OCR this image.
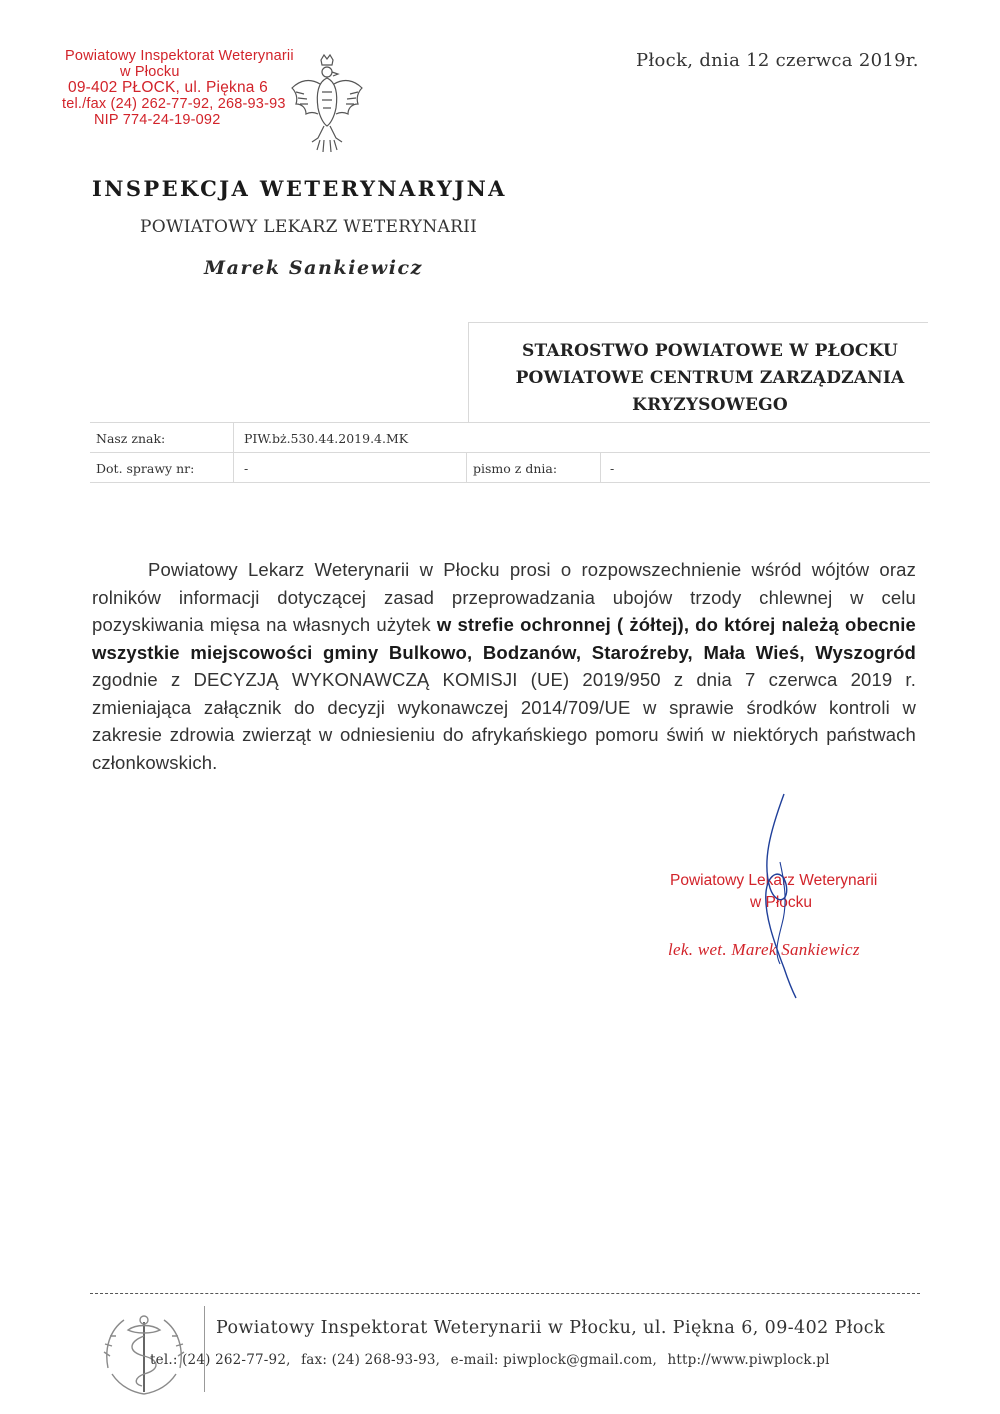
Powiatowy Inspektorat Weterynarii
w Płocku
09-402 PŁOCK, ul. Piękna 6
tel./fax (24) 262-77-92, 268-93-93
NIP 774-24-19-092
Płock, dnia 12 czerwca 2019r.
INSPEKCJA WETERYNARYJNA
POWIATOWY LEKARZ WETERYNARII
Marek Sankiewicz
STAROSTWO POWIATOWE W PŁOCKU
POWIATOWE CENTRUM ZARZĄDZANIA
KRYZYSOWEGO
Nasz znak:	PIW.bż.530.44.2019.4.MK
Dot. sprawy nr:	-	pismo z dnia:	-
Powiatowy Lekarz Weterynarii w Płocku prosi o rozpowszechnienie wśród wójtów oraz rolników informacji dotyczącej zasad przeprowadzania ubojów trzody chlewnej w celu pozyskiwania mięsa na własnych użytek w strefie ochronnej ( żółtej), do której należą obecnie wszystkie miejscowości gminy Bulkowo, Bodzanów, Staroźreby, Mała Wieś, Wyszogród zgodnie z DECYZJĄ WYKONAWCZĄ KOMISJI (UE) 2019/950 z dnia 7 czerwca 2019 r. zmieniająca załącznik do decyzji wykonawczej 2014/709/UE w sprawie środków kontroli w zakresie zdrowia zwierząt w odniesieniu do afrykańskiego pomoru świń w niektórych państwach członkowskich.
Powiatowy Lekarz Weterynarii
w Płocku
lek. wet. Marek Sankiewicz
Powiatowy Inspektorat Weterynarii w Płocku, ul. Piękna 6, 09-402 Płock
tel.: (24) 262-77-92, fax: (24) 268-93-93, e-mail: piwplock@gmail.com, http://www.piwplock.pl
